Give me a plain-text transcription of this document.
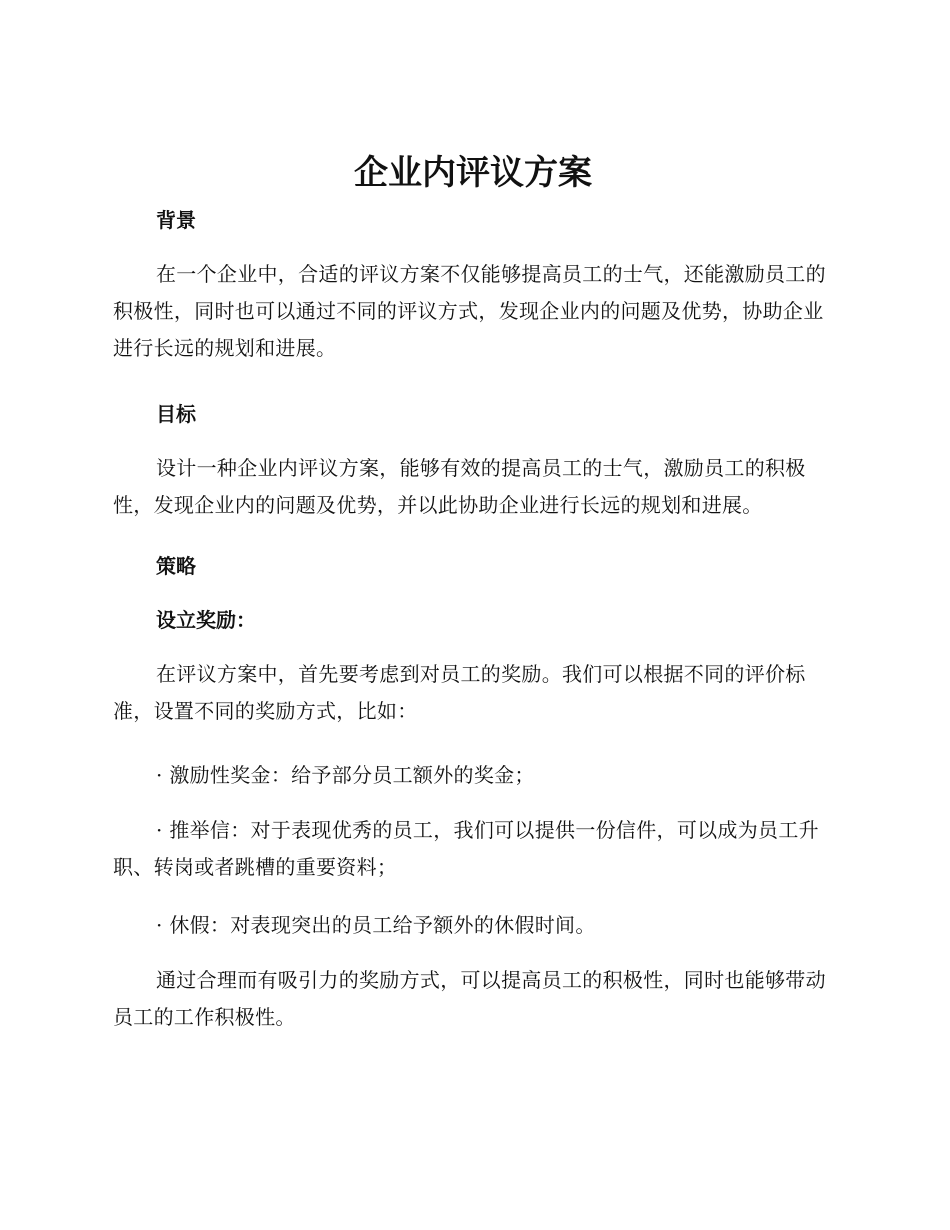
企业内评议方案
背景

在一个企业中，合适的评议方案不仅能够提高员工的士气，还能激励员工的积极性，同时也可以通过不同的评议方式，发现企业内的问题及优势，协助企业进行长远的规划和进展。

目标

设计一种企业内评议方案，能够有效的提高员工的士气，激励员工的积极性，发现企业内的问题及优势，并以此协助企业进行长远的规划和进展。

策略
设立奖励：

在评议方案中，首先要考虑到对员工的奖励。我们可以根据不同的评价标准，设置不同的奖励方式，比如：

· 激励性奖金：给予部分员工额外的奖金；

· 推举信：对于表现优秀的员工，我们可以提供一份信件，可以成为员工升职、转岗或者跳槽的重要资料；

· 休假：对表现突出的员工给予额外的休假时间。

通过合理而有吸引力的奖励方式，可以提高员工的积极性，同时也能够带动员工的工作积极性。
